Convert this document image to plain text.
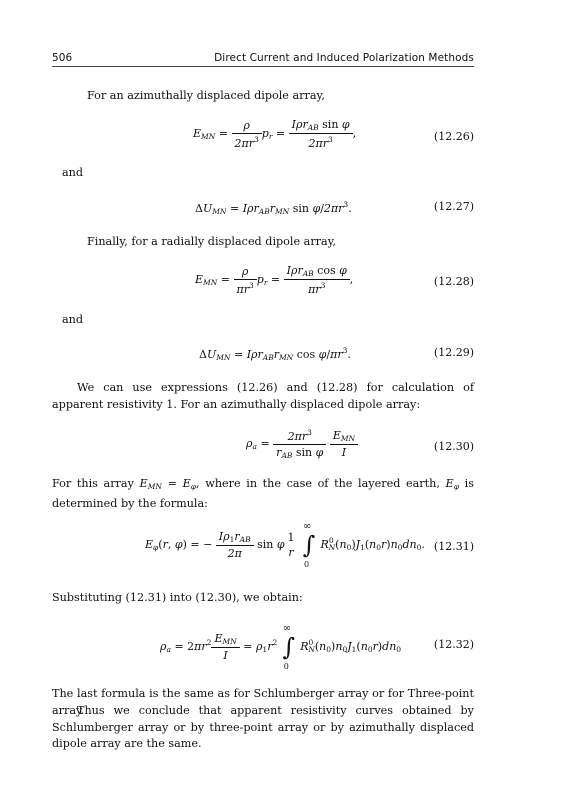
506	Direct Current and Induced Polarization Methods
For an azimuthally displaced dipole array,
$E_{MN} = \frac{\rho}{2\pi r^3} p_r = \frac{I\rho r_{AB} \sin \varphi}{2\pi r^3}$ ,	(12.26)
and
$\Delta U_{MN} = I\rho r_{AB}r_{MN}$ $\sin \varphi/2\pi r^3$.	(12.27)
Finally, for a radially displaced dipole array,
$E_{MN} = \frac{\rho}{\pi r^3} p_r = \frac{I\rho r_{AB} \cos \varphi}{\pi r^3}$ ,	(12.28)
and
$\Delta U_{MN} = I\rho r_{AB}r_{MN}$ $\cos \varphi/\pi r^3$.	(12.29)
We can use expressions (12.26) and (12.28) for calculation of apparent resistivity 1. For an azimuthally displaced dipole array:
$\rho_a = \frac{2\pi r^3}{r_{AB} \sin \varphi}$
$\frac{E_{MN}}{I}$	(12.30)
For this array $E_{MN} = E_\varphi$, where in the case of the layered earth, $E_\varphi$ is determined by the formula:
$E_\varphi(r$, φ) = − $\frac{I\rho_1r_{AB}}{2\pi}$ sin φ
1
r

∞
∫
0
$R^0_N(n_0)J_1(n_0r)n_0dn_0$. (12.31)
Substituting (12.31) into (12.30), we obtain:
$\rho_a = 2\pi r^2 \frac{E_{MN}}{I} = \rho_1r^2$
∞
∫
0
$R^0_N(n_0)n_0J_1(n_0r)dn_0$	(12.32)
The last formula is the same as for Schlumberger array or for Three-point array.
Thus we conclude that apparent resistivity curves obtained by Schlumberger array or by three-point array or by azimuthally displaced dipole array are the same.
